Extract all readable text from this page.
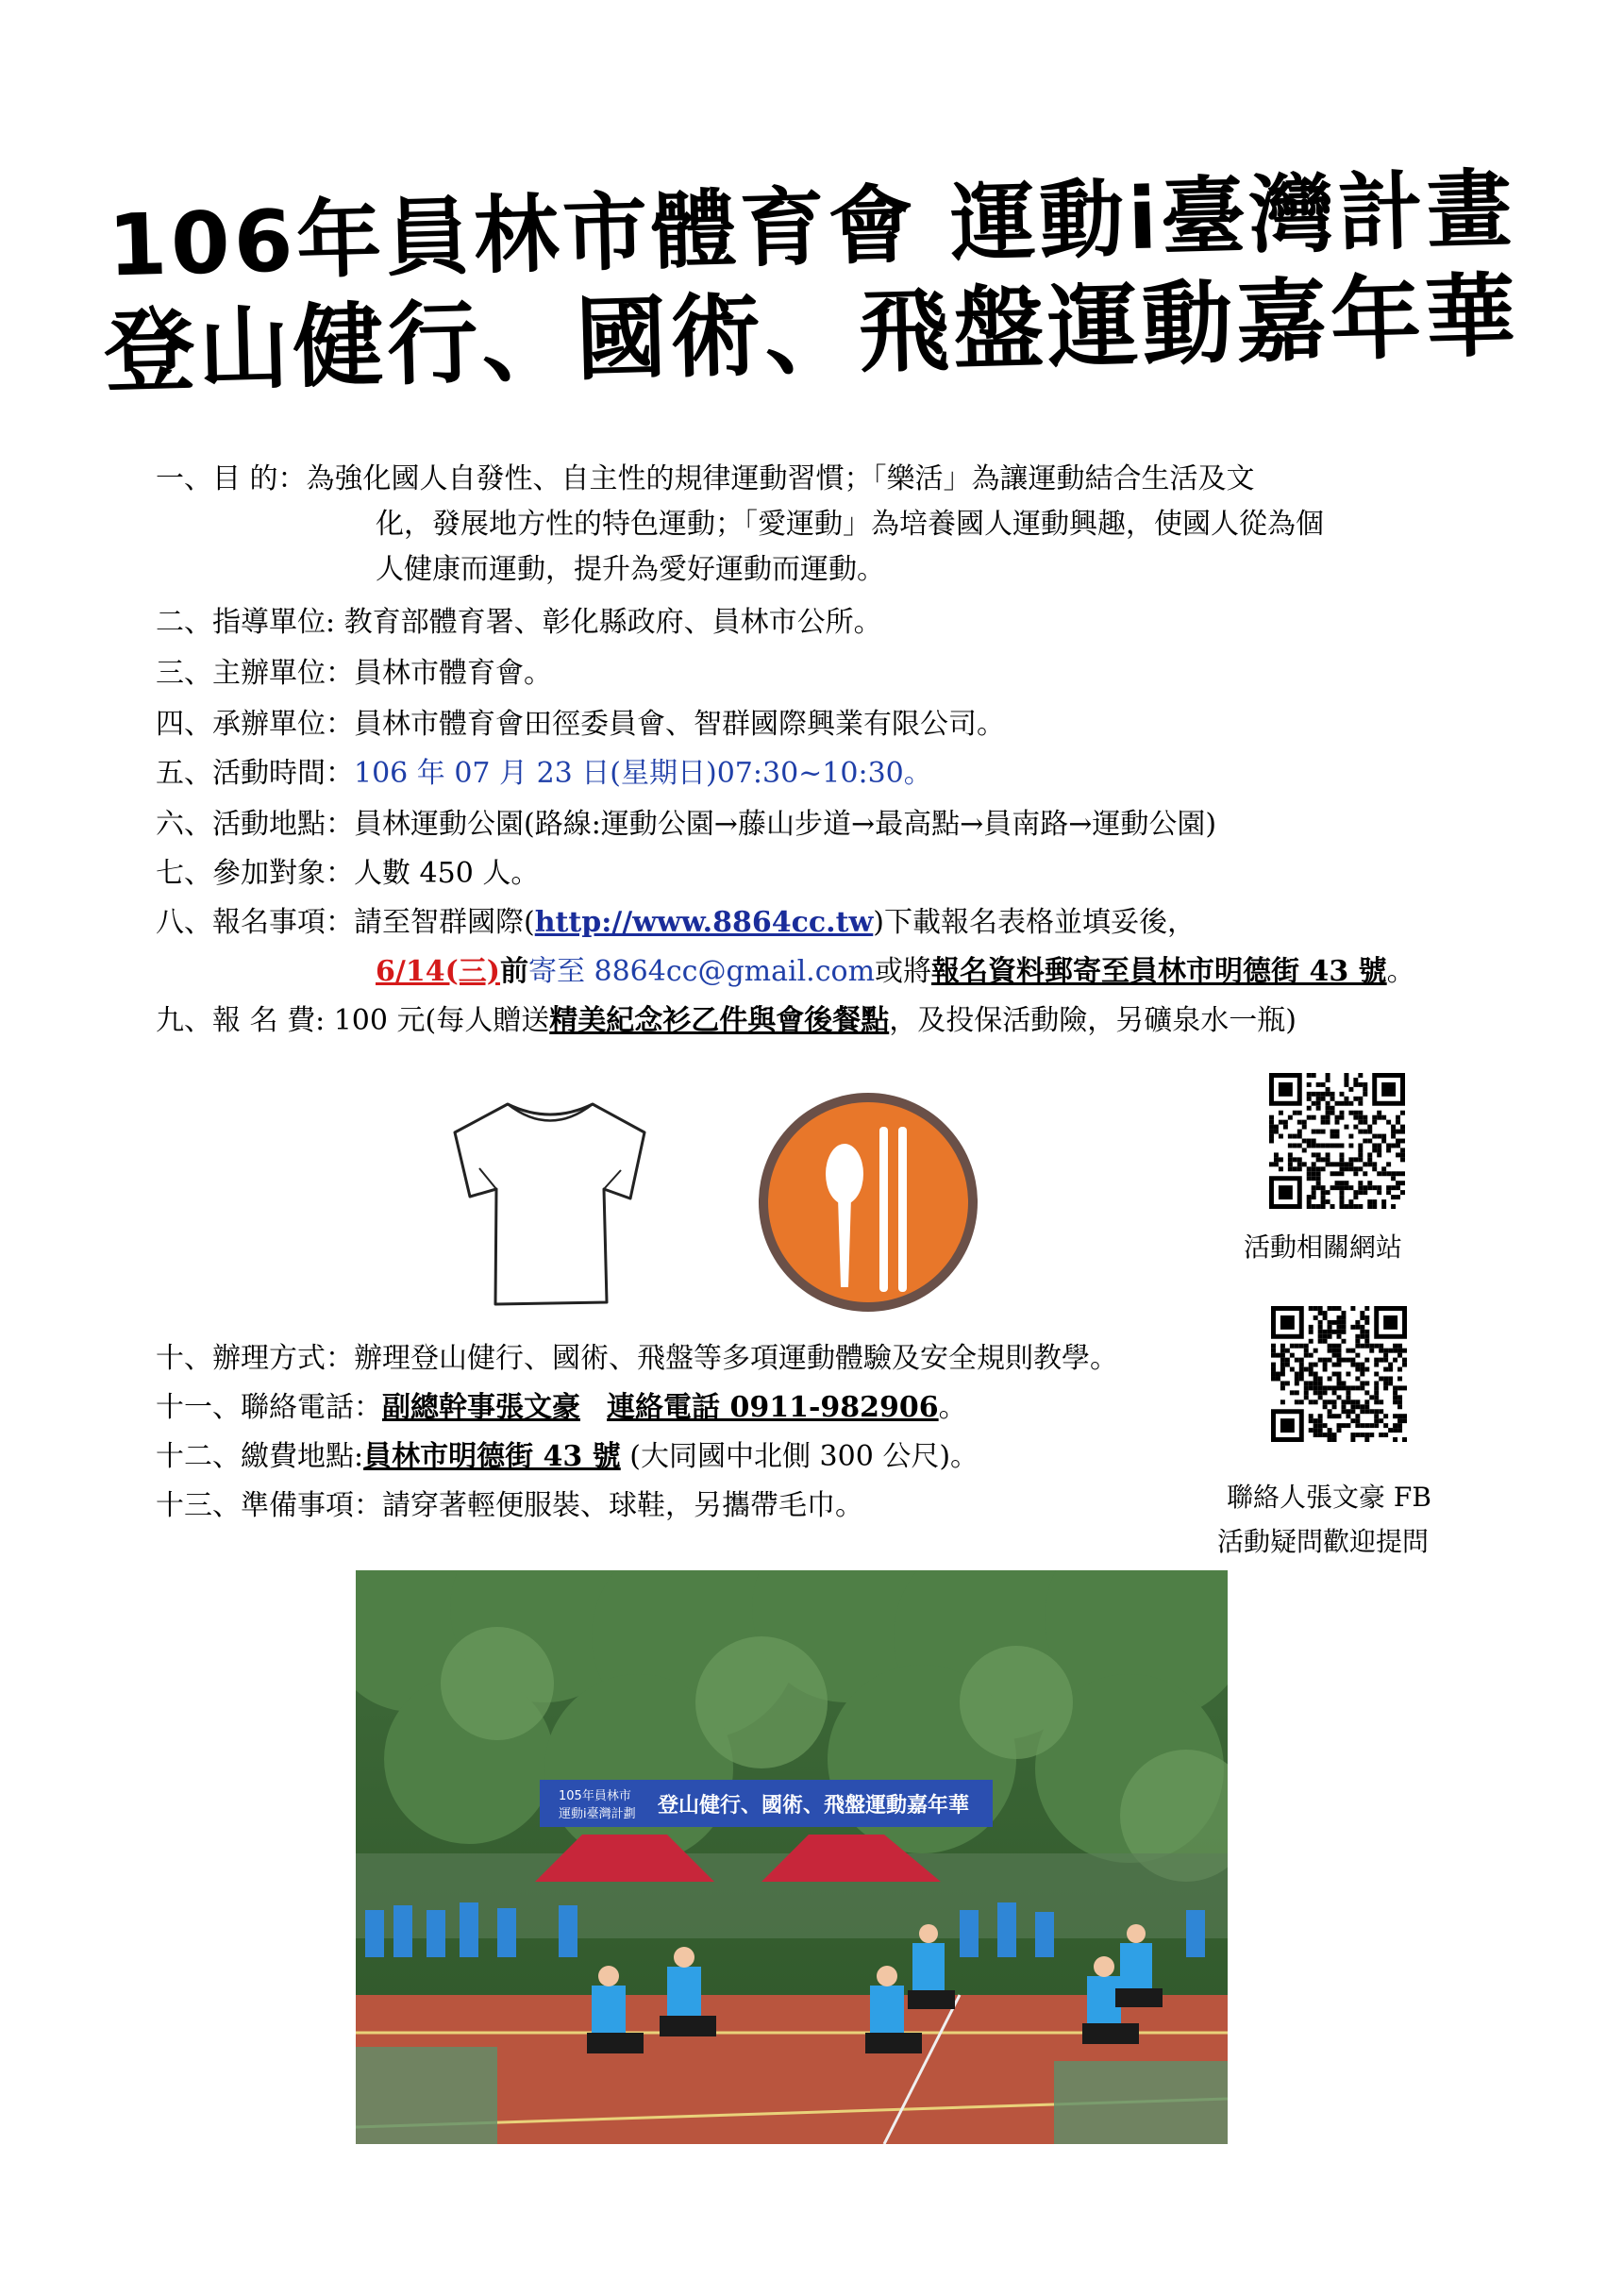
106年員林市體育會 運動i臺灣計畫
登山健行、國術、飛盤運動嘉年華
一、目 的：為強化國人自發性、自主性的規律運動習慣；「樂活」為讓運動結合生活及文
化，發展地方性的特色運動；「愛運動」為培養國人運動興趣，使國人從為個
人健康而運動，提升為愛好運動而運動。
二、指導單位: 教育部體育署、彰化縣政府、員林市公所。
三、主辦單位：員林市體育會。
四、承辦單位：員林市體育會田徑委員會、智群國際興業有限公司。
五、活動時間：106 年 07 月 23 日(星期日)07:30~10:30。
六、活動地點：員林運動公園(路線:運動公園→藤山步道→最高點→員南路→運動公園)
七、參加對象：人數 450 人。
八、報名事項：請至智群國際(http://www.8864cc.tw)下載報名表格並填妥後，
6/14(三)前寄至 8864cc@gmail.com或將報名資料郵寄至員林市明德街 43 號。
九、報 名 費: 100 元(每人贈送精美紀念衫乙件與會後餐點，及投保活動險，另礦泉水一瓶)
活動相關網站
十、辦理方式：辦理登山健行、國術、飛盤等多項運動體驗及安全規則教學。
十一、聯絡電話：副總幹事張文豪 連絡電話 0911-982906。
十二、繳費地點:員林市明德街 43 號 (大同國中北側 300 公尺)。
十三、準備事項：請穿著輕便服裝、球鞋，另攜帶毛巾。	聯絡人張文豪 FB
活動疑問歡迎提問
105年員林市
運動i臺灣計劃 登山健行、國術、飛盤運動嘉年華
